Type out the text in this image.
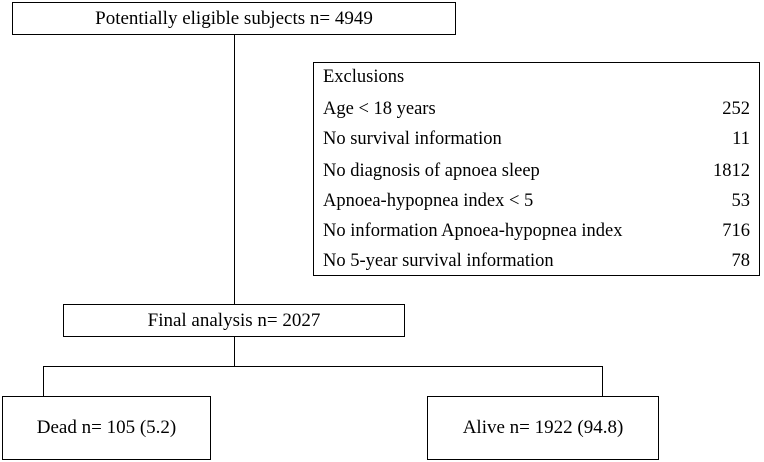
Potentially eligible subjects n= 4949
Exclusions
Age < 18 years	252
No survival information	11
No diagnosis of apnoea sleep	1812
Apnoea-hypopnea index < 5	53
No information Apnoea-hypopnea index	716
No 5-year survival information	78
Final analysis n= 2027
Dead n= 105 (5.2)	Alive n= 1922 (94.8)
